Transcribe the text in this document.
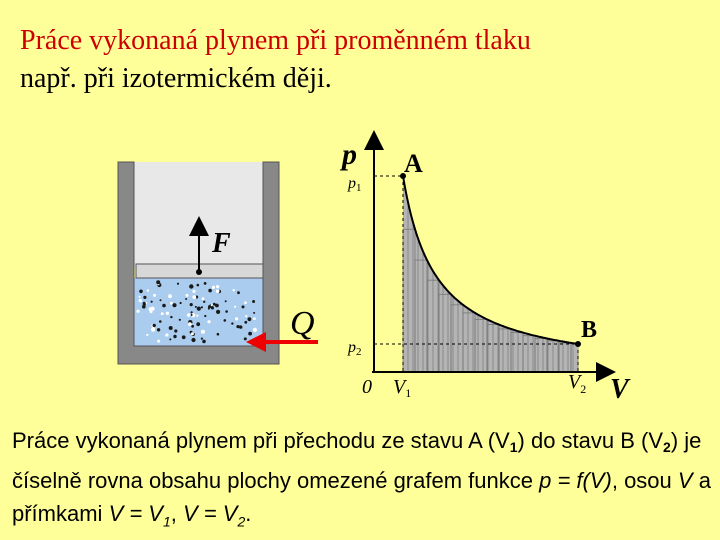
Práce vykonaná plynem při proměnném tlaku
např. při izotermickém ději.
F
Q
p
V
A
B
p1
p2
0 $V_1$	$V_2$

Práce vykonaná plynem při přechodu ze stavu A $(V_1)$ do stavu B $(V_2)$ je číselně rovna obsahu plochy omezené grafem funkce p = f(V), osou V a přímkami $V = V_1$, $V = V_2$.
